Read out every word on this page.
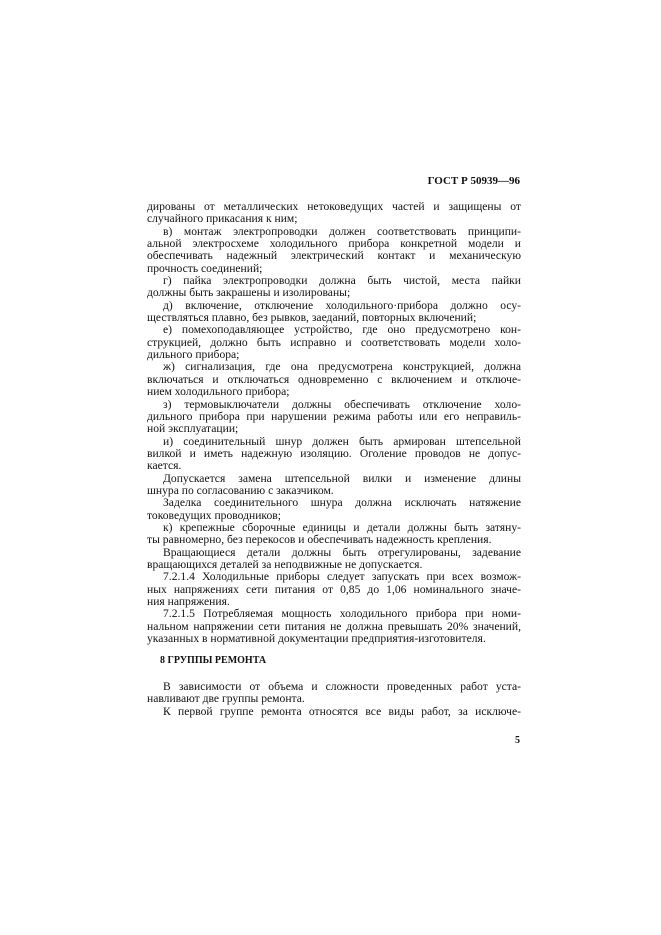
ГОСТ Р 50939—96
дированы от металлических нетоковедущих частей и защищены от
случайного прикасания к ним;
в) монтаж электропроводки должен соответствовать принципи-
альной электросхеме холодильного прибора конкретной модели и
обеспечивать надежный электрический контакт и механическую
прочность соединений;
г) пайка электропроводки должна быть чистой, места пайки
должны быть закрашены и изолированы;
д) включение, отключение холодильного·прибора должно осу-
ществляться плавно, без рывков, заеданий, повторных включений;
е) помехоподавляющее устройство, где оно предусмотрено кон-
струкцией, должно быть исправно и соответствовать модели холо-
дильного прибора;
ж) сигнализация, где она предусмотрена конструкцией, должна
включаться и отключаться одновременно с включением и отключе-
нием холодильного прибора;
з) термовыключатели должны обеспечивать отключение холо-
дильного прибора при нарушении режима работы или его неправиль-
ной эксплуатации;
и) соединительный шнур должен быть армирован штепсельной
вилкой и иметь надежную изоляцию. Оголение проводов не допус-
кается.
Допускается замена штепсельной вилки и изменение длины
шнура по согласованию с заказчиком.
Заделка соединительного шнура должна исключать натяжение
токоведущих проводников;
к) крепежные сборочные единицы и детали должны быть затяну-
ты равномерно, без перекосов и обеспечивать надежность крепления.
Вращающиеся детали должны быть отрегулированы, задевание
вращающихся деталей за неподвижные не допускается.
7.2.1.4 Холодильные приборы следует запускать при всех возмож-
ных напряжениях сети питания от 0,85 до 1,06 номинального значе-
ния напряжения.
7.2.1.5 Потребляемая мощность холодильного прибора при номи-
нальном напряжении сети питания не должна превышать 20% значений,
указанных в нормативной документации предприятия-изготовителя.
8 ГРУППЫ РЕМОНТА
В зависимости от объема и сложности проведенных работ уста-
навливают две группы ремонта.
К первой группе ремонта относятся все виды работ, за исключе-
5
